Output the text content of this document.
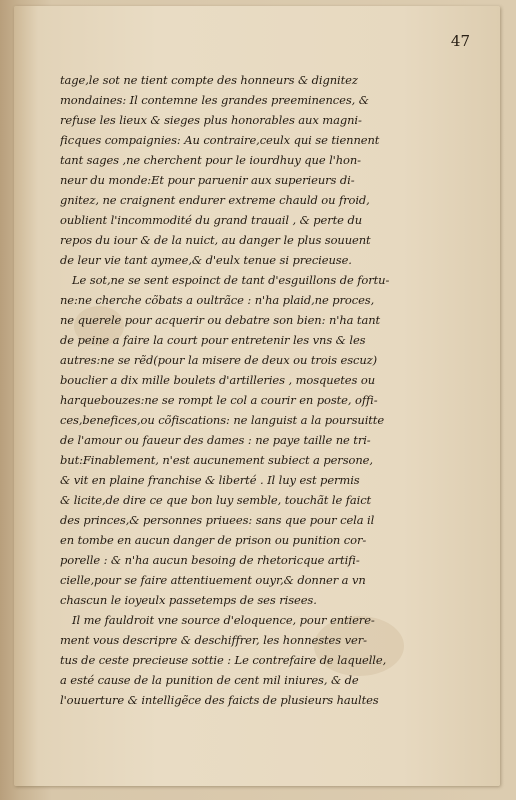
47
tage,le sot ne tient compte des honneurs & dignitez
mondaines: Il contemne les grandes preeminences, &
refuse les lieux & sieges plus honorables aux magni-
ficques compaignies: Au contraire,ceulx qui se tiennent
tant sages ,ne cherchent pour le iourdhuy que l'hon-
neur du monde:Et pour paruenir aux superieurs di-
gnitez, ne craignent endurer extreme chauld ou froid,
oublient l'incommodité du grand trauail , & perte du
repos du iour & de la nuict, au danger le plus souuent
de leur vie tant aymee,& d'eulx tenue si precieuse.
Le sot,ne se sent espoinct de tant d'esguillons de fortu-
ne:ne cherche cõbats a oultrãce : n'ha plaid,ne proces,
ne querele pour acquerir ou debatre son bien: n'ha tant
de peine a faire la court pour entretenir les vns & les
autres:ne se rẽd(pour la misere de deux ou trois escuz)
bouclier a dix mille boulets d'artilleries , mosquetes ou
harquebouzes:ne se rompt le col a courir en poste, offi-
ces,benefices,ou cõfiscations: ne languist a la poursuitte
de l'amour ou faueur des dames : ne paye taille ne tri-
but:Finablement, n'est aucunement subiect a persone,
& vit en plaine franchise & liberté . Il luy est permis
& licite,de dire ce que bon luy semble, touchãt le faict
des princes,& personnes priuees: sans que pour cela il
en tombe en aucun danger de prison ou punition cor-
porelle : & n'ha aucun besoing de rhetoricque artifi-
cielle,pour se faire attentiuement ouyr,& donner a vn
chascun le ioyeulx passetemps de ses risees.
Il me fauldroit vne source d'eloquence, pour entiere-
ment vous descripre & deschiffrer, les honnestes ver-
tus de ceste precieuse sottie : Le contrefaire de laquelle,
a esté cause de la punition de cent mil iniures, & de
l'ouuerture & intelligẽce des faicts de plusieurs haultes
